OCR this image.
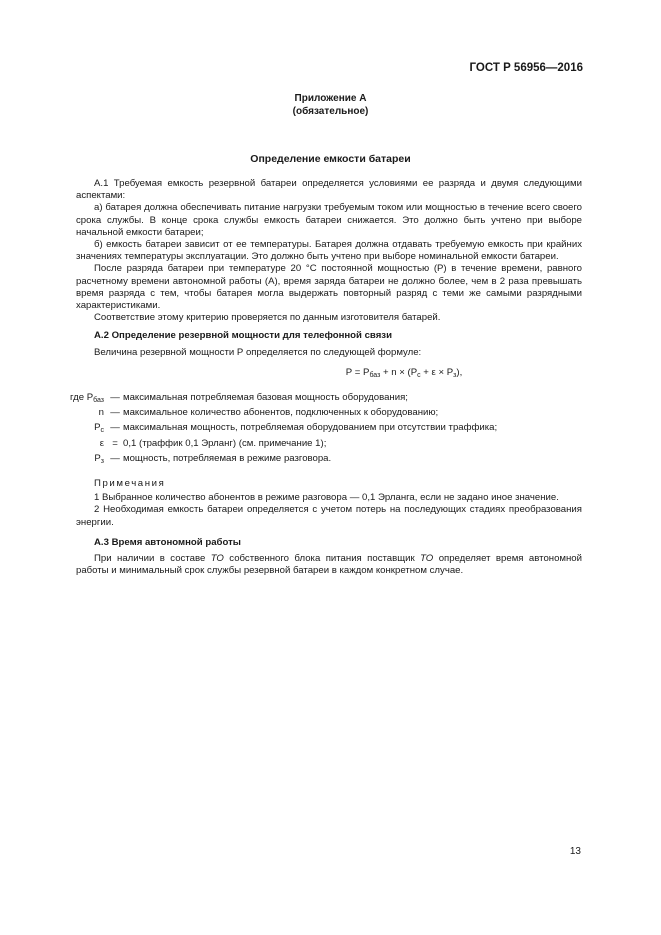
ГОСТ Р 56956—2016
Приложение А
(обязательное)
Определение емкости батареи

А.1 Требуемая емкость резервной батареи определяется условиями ее разряда и двумя следующими аспектами:

а) батарея должна обеспечивать питание нагрузки требуемым током или мощностью в течение всего своего срока службы. В конце срока службы емкость батареи снижается. Это должно быть учтено при выборе начальной емкости батареи;

б) емкость батареи зависит от ее температуры. Батарея должна отдавать требуемую емкость при крайних значениях температуры эксплуатации. Это должно быть учтено при выборе номинальной емкости батареи.

После разряда батареи при температуре 20 °С постоянной мощностью (Р) в течение времени, равного расчетному времени автономной работы (А), время заряда батареи не должно более, чем в 2 раза превышать время разряда с тем, чтобы батарея могла выдержать повторный разряд с теми же самыми разрядными характеристиками.

Соответствие этому критерию проверяется по данным изготовителя батарей.

А.2 Определение резервной мощности для телефонной связи

Величина резервной мощности Р определяется по следующей формуле:

$Р = Р_{баз} + n \times (Р_c + \varepsilon \times Р_з)$,
где $Р_{баз}$ — максимальная потребляемая базовая мощность оборудования;
n — максимальное количество абонентов, подключенных к оборудованию;
$Р_c$ — максимальная мощность, потребляемая оборудованием при отсутствии траффика;
ε = 0,1 (траффик 0,1 Эрланг) (см. примечание 1);
$Р_з$ — мощность, потребляемая в режиме разговора.
Примечания

1 Выбранное количество абонентов в режиме разговора — 0,1 Эрланга, если не задано иное значение.

2 Необходимая емкость батареи определяется с учетом потерь на последующих стадиях преобразования энергии.

А.3 Время автономной работы

При наличии в составе ТО собственного блока питания поставщик ТО определяет время автономной работы и минимальный срок службы резервной батареи в каждом конкретном случае.

13
